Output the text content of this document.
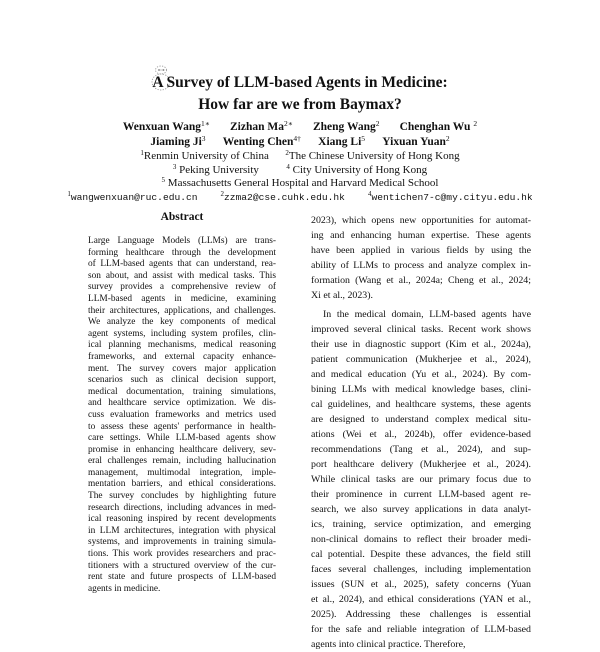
A Survey of LLM-based Agents in Medicine:
How far are we from Baymax?
Wenxuan Wang$^{1∗}$ Zizhan $Ma^{2∗}$ Zheng Wang$^2$ Chenghan Wu $^2$
Jiaming Ji$^3$ Wenting Chen$^{4\dagger}$ Xiang Li$^5$ Yixuan Yuan$^2$
$^1$Renmin University of China $^2$The Chinese University of Hong Kong
$^3$ Peking University	$^4$ City University of Hong Kong
$^5$ Massachusetts General Hospital and Harvard Medical School
$^1$wangwenxuan@ruc.edu.cn	$^2$zzma2@cse.cuhk.edu.hk	$^4$wentichen7-c@my.cityu.edu.hk
Abstract
Large Language Models (LLMs) are trans-
forming healthcare through the development
of LLM-based agents that can understand, rea-
son about, and assist with medical tasks. This
survey provides a comprehensive review of
LLM-based agents in medicine, examining
their architectures, applications, and challenges.
We analyze the key components of medical
agent systems, including system profiles, clin-
ical planning mechanisms, medical reasoning
frameworks, and external capacity enhance-
ment. The survey covers major application
scenarios such as clinical decision support,
medical documentation, training simulations,
and healthcare service optimization. We dis-
cuss evaluation frameworks and metrics used
to assess these agents' performance in health-
care settings. While LLM-based agents show
promise in enhancing healthcare delivery, sev-
eral challenges remain, including hallucination
management, multimodal integration, imple-
mentation barriers, and ethical considerations.
The survey concludes by highlighting future
research directions, including advances in med-
ical reasoning inspired by recent developments
in LLM architectures, integration with physical
systems, and improvements in training simula-
tions. This work provides researchers and prac-
titioners with a structured overview of the cur-
rent state and future prospects of LLM-based
agents in medicine.

2023), which opens new opportunities for automat-
ing and enhancing human expertise. These agents
have been applied in various fields by using the
ability of LLMs to process and analyze complex in-
formation (Wang et al., 2024a; Cheng et al., 2024;
Xi et al., 2023).

In the medical domain, LLM-based agents have
improved several clinical tasks. Recent work shows
their use in diagnostic support (Kim et al., 2024a),
patient communication (Mukherjee et al., 2024),
and medical education (Yu et al., 2024). By com-
bining LLMs with medical knowledge bases, clini-
cal guidelines, and healthcare systems, these agents
are designed to understand complex medical situ-
ations (Wei et al., 2024b), offer evidence-based
recommendations (Tang et al., 2024), and sup-
port healthcare delivery (Mukherjee et al., 2024).
While clinical tasks are our primary focus due to
their prominence in current LLM-based agent re-
search, we also survey applications in data analyt-
ics, training, service optimization, and emerging
non-clinical domains to reflect their broader medi-
cal potential. Despite these advances, the field still
faces several challenges, including implementation
issues (SUN et al., 2025), safety concerns (Yuan
et al., 2024), and ethical considerations (YAN et al.,
2025). Addressing these challenges is essential
for the safe and reliable integration of LLM-based
agents into clinical practice. Therefore,
